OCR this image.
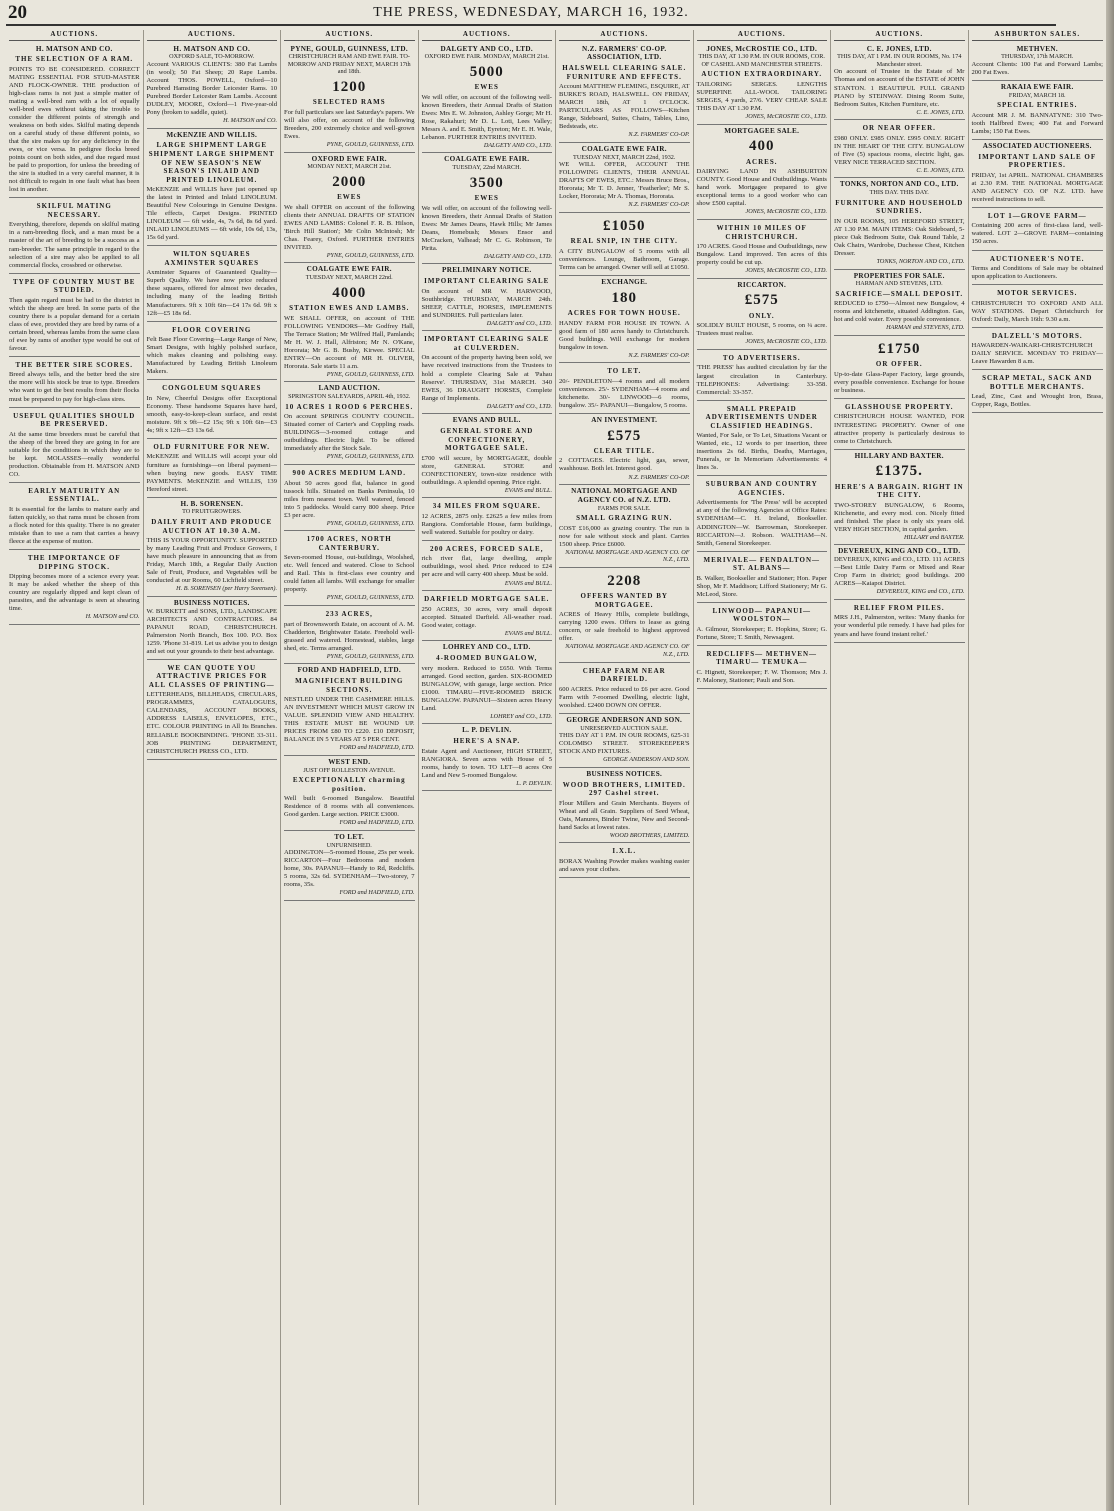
20	THE PRESS, WEDNESDAY, MARCH 16, 1932.
AUCTIONS.
H. MATSON AND CO.
THE SELECTION OF A RAM.
POINTS TO BE CONSIDERED. CORRECT MATING ESSENTIAL FOR STUD-MASTER AND FLOCK-OWNER. THE production of high-class rams is not just a simple matter of mating a well-bred ram with a lot of equally well-bred ewes without taking the trouble to consider the different points of strength and weakness on both sides. Skilful mating depends on a careful study of these different points, so that the sire makes up for any deficiency in the ewes, or vice versa. In pedigree flocks breed points count on both sides, and due regard must be paid to proportion, for unless the breeding of the sire is studied in a very careful manner, it is not difficult to regain in one fault what has been lost in another.
SKILFUL MATING NECESSARY.
Everything, therefore, depends on skilful mating in a ram-breeding flock, and a man must be a master of the art of breeding to be a success as a ram-breeder. The same principle in regard to the selection of a sire may also be applied to all commercial flocks, crossbred or otherwise.
TYPE OF COUNTRY MUST BE STUDIED.
Then again regard must be had to the district in which the sheep are bred. In some parts of the country there is a popular demand for a certain class of ewe, provided they are bred by rams of a certain breed, whereas lambs from the same class of ewe by rams of another type would be out of favour.
THE BETTER SIRE SCORES.
Breed always tells, and the better bred the sire the more will his stock be true to type. Breeders who want to get the best results from their flocks must be prepared to pay for high-class sires.
USEFUL QUALITIES SHOULD BE PRESERVED.
At the same time breeders must be careful that the sheep of the breed they are going in for are suitable for the conditions in which they are to be kept. MOLASSES—really wonderful production. Obtainable from H. MATSON AND CO.
EARLY MATURITY AN ESSENTIAL.
It is essential for the lambs to mature early and fatten quickly, so that rams must be chosen from a flock noted for this quality. There is no greater mistake than to use a ram that carries a heavy fleece at the expense of mutton.
THE IMPORTANCE OF DIPPING STOCK.
Dipping becomes more of a science every year. It may be asked whether the sheep of this country are regularly dipped and kept clean of parasites, and the advantage is seen at shearing time.
H. MATSON and CO.
AUCTIONS.
H. MATSON AND CO.
OXFORD SALE, TO-MORROW.
Account VARIOUS CLIENTS: 380 Fat Lambs (in wool); 50 Fat Sheep; 20 Rape Lambs. Account THOS. POWELL, Oxford—10 Purebred Hamsting Border Leicester Rams. 10 Purebred Border Leicester Ram Lambs. Account DUDLEY, MOORE, Oxford—1 Five-year-old Pony (broken to saddle, quiet).
H. MATSON and CO.
McKENZIE AND WILLIS.
LARGE SHIPMENT LARGE SHIPMENT LARGE SHIPMENT OF NEW SEASON'S NEW SEASON'S INLAID AND PRINTED LINOLEUM.
McKENZIE and WILLIS have just opened up the latest in Printed and Inlaid LINOLEUM. Beautiful New Colourings in Genuine Designs. Tile effects, Carpet Designs. PRINTED LINOLEUM — 6ft wide, 4s, 7s 6d, 8s 6d yard. INLAID LINOLEUMS — 6ft wide, 10s 6d, 13s, 15s 6d yard.
WILTON SQUARES AXMINSTER SQUARES
Axminster Squares of Guaranteed Quality—Superb Quality. We have now price reduced these squares, offered for almost two decades, including many of the leading British Manufacturers. 9ft x 10ft 6in—£4 17s 6d. 9ft x 12ft—£5 18s 6d.
FLOOR COVERING
Felt Base Floor Covering—Large Range of New, Smart Designs, with highly polished surface, which makes cleaning and polishing easy. Manufactured by Leading British Linoleum Makers.
CONGOLEUM SQUARES
In New, Cheerful Designs offer Exceptional Economy. These handsome Squares have hard, smooth, easy-to-keep-clean surface, and resist moisture. 9ft x 9ft—£2 15s; 9ft x 10ft 6in—£3 4s; 9ft x 12ft—£3 13s 6d.
OLD FURNITURE FOR NEW.
McKENZIE and WILLIS will accept your old furniture as furnishings—on liberal payment—when buying new goods. EASY TIME PAYMENTS. McKENZIE and WILLIS, 139 Hereford street.
H. B. SORENSEN.
TO FRUITGROWERS.
DAILY FRUIT AND PRODUCE AUCTION AT 10.30 A.M.
THIS IS YOUR OPPORTUNITY. SUPPORTED by many Leading Fruit and Produce Growers, I have much pleasure in announcing that as from Friday, March 18th, a Regular Daily Auction Sale of Fruit, Produce, and Vegetables will be conducted at our Rooms, 60 Lichfield street.
H. B. SORENSEN (per Harry Sorensen).
BUSINESS NOTICES.
W. BURKETT and SONS, LTD., LANDSCAPE ARCHITECTS AND CONTRACTORS. 84 PAPANUI ROAD, CHRISTCHURCH. Palmerston North Branch, Box 100. P.O. Box 1259. 'Phone 31-819. Let us advise you to design and set out your grounds to their best advantage.
WE CAN QUOTE YOU ATTRACTIVE PRICES FOR ALL CLASSES OF PRINTING—
LETTERHEADS, BILLHEADS, CIRCULARS, PROGRAMMES, CATALOGUES, CALENDARS, ACCOUNT BOOKS, ADDRESS LABELS, ENVELOPES, ETC., ETC. COLOUR PRINTING in All Its Branches. RELIABLE BOOKBINDING. 'PHONE 33-311. JOB PRINTING DEPARTMENT, CHRISTCHURCH PRESS CO., LTD.
AUCTIONS.
PYNE, GOULD, GUINNESS, LTD.
CHRISTCHURCH RAM AND EWE FAIR. TO-MORROW AND FRIDAY NEXT, MARCH 17th and 18th.
1200
SELECTED RAMS
For full particulars see last Saturday's papers. We will also offer, on account of the following Breeders, 200 extremely choice and well-grown Ewes.
PYNE, GOULD, GUINNESS, LTD.
OXFORD EWE FAIR.
MONDAY NEXT, MARCH 21st.
2000
EWES
We shall OFFER on account of the following clients their ANNUAL DRAFTS OF STATION EWES AND LAMBS: Colonel F. R. B. Hilson, 'Birch Hill Station'; Mr Colin McIntosh; Mr Chas. Fearey, Oxford. FURTHER ENTRIES INVITED.
PYNE, GOULD, GUINNESS, LTD.
COALGATE EWE FAIR.
TUESDAY NEXT, MARCH 22nd.
4000
STATION EWES AND LAMBS.
WE SHALL OFFER, on account of THE FOLLOWING VENDORS—Mr Godfrey Hall, The Terrace Station; Mr Wilfred Hall, Pamlands; Mr H. W. J. Hall, Alfriston; Mr N. O'Kane, Hororata; Mr G. B. Bushy, Kirwee. SPECIAL ENTRY—On account of MR H. OLIVER, Hororata. Sale starts 11 a.m.
PYNE, GOULD, GUINNESS, LTD.
LAND AUCTION.
SPRINGSTON SALEYARDS, APRIL 4th, 1932.
10 ACRES 1 ROOD 6 PERCHES.
On account SPRINGS COUNTY COUNCIL. Situated corner of Carter's and Coppling roads. BUILDINGS—3-roomed cottage and outbuildings. Electric light. To be offered immediately after the Stock Sale.
PYNE, GOULD, GUINNESS, LTD.
900 ACRES MEDIUM LAND.
About 50 acres good flat, balance in good tussock hills. Situated on Banks Peninsula, 10 miles from nearest town. Well watered, fenced into 5 paddocks. Would carry 800 sheep. Price £3 per acre.
PYNE, GOULD, GUINNESS, LTD.
1700 ACRES, NORTH CANTERBURY.
Seven-roomed House, out-buildings, Woolshed, etc. Well fenced and watered. Close to School and Rail. This is first-class ewe country and could fatten all lambs. Will exchange for smaller property.
PYNE, GOULD, GUINNESS, LTD.
233 ACRES,
part of Brownsworth Estate, on account of A. M. Chadderton, Brightwater Estate. Freehold well-grassed and watered. Homestead, stables, large shed, etc. Terms arranged.
PYNE, GOULD, GUINNESS, LTD.
FORD AND HADFIELD, LTD.
MAGNIFICENT BUILDING SECTIONS.
NESTLED UNDER THE CASHMERE HILLS. AN INVESTMENT WHICH MUST GROW IN VALUE. SPLENDID VIEW AND HEALTHY. THIS ESTATE MUST BE WOUND UP. PRICES FROM £80 TO £220. £10 DEPOSIT, BALANCE IN 5 YEARS AT 5 PER CENT.
FORD and HADFIELD, LTD.
WEST END.
JUST OFF ROLLESTON AVENUE.
EXCEPTIONALLY charming position.
Well built 6-roomed Bungalow. Beautiful Residence of 8 rooms with all conveniences. Good garden. Large section. PRICE £3000.
FORD and HADFIELD, LTD.
TO LET.
UNFURNISHED.
ADDINGTON—5-roomed House, 25s per week. RICCARTON—Four Bedrooms and modern home, 30s. PAPANUI—Handy to Rd, Redcliffs. 5 rooms, 32s 6d. SYDENHAM—Two-storey, 7 rooms, 35s.
FORD and HADFIELD, LTD.
AUCTIONS.
DALGETY AND CO., LTD.
OXFORD EWE FAIR. MONDAY, MARCH 21st.
5000
EWES
We will offer, on account of the following well-known Breeders, their Annual Drafts of Station Ewes: Mrs E. W. Johnston, Ashley Gorge; Mr H. Rose, Rakahuri; Mr D. L. Loti, Lees Valley; Messrs A. and E. Smith, Eyreton; Mr E. H. Wale, Lebanon. FURTHER ENTRIES INVITED.
DALGETY AND CO., LTD.
COALGATE EWE FAIR.
TUESDAY, 22nd MARCH.
3500
EWES
We will offer, on account of the following well-known Breeders, their Annual Drafts of Station Ewes: Mr James Deans, Hawk Hills; Mr James Deans, Homebush; Messrs Ensor and McCracken, Valhead; Mr C. G. Robinson, Te Pirita.
DALGETY AND CO., LTD.
PRELIMINARY NOTICE.
IMPORTANT CLEARING SALE
On account of MR W. HARWOOD, Southbridge. THURSDAY, MARCH 24th. SHEEP, CATTLE, HORSES, IMPLEMENTS and SUNDRIES. Full particulars later.
DALGETY and CO., LTD.
IMPORTANT CLEARING SALE at CULVERDEN.
On account of the property having been sold, we have received instructions from the Trustees to hold a complete Clearing Sale at 'Pahau Reserve'. THURSDAY, 31st MARCH. 340 EWES, 36 DRAUGHT HORSES, Complete Range of Implements.
DALGETY and CO., LTD.
EVANS AND BULL.
GENERAL STORE AND CONFECTIONERY, MORTGAGEE SALE.
£700 will secure, by MORTGAGEE, double store, GENERAL STORE and CONFECTIONERY, town-size residence with outbuildings. A splendid opening. Price right.
EVANS and BULL.
34 MILES FROM SQUARE.
12 ACRES, 2875 only. £2625 a few miles from Rangiora. Comfortable House, farm buildings, well watered. Suitable for poultry or dairy.
200 ACRES, FORCED SALE,
rich river flat, large dwelling, ample outbuildings, wool shed. Price reduced to £24 per acre and will carry 400 sheep. Must be sold.
EVANS and BULL.
DARFIELD MORTGAGE SALE.
250 ACRES, 30 acres, very small deposit accepted. Situated Darfield. All-weather road. Good water, cottage.
EVANS and BULL.
LOHREY AND CO., LTD.
4-ROOMED BUNGALOW,
very modern. Reduced to £650. With Terms arranged. Good section, garden. SIX-ROOMED BUNGALOW, with garage, large section. Price £1000. TIMARU—FIVE-ROOMED BRICK BUNGALOW. PAPANUI—Sixteen acres Heavy Land.
LOHREY and CO., LTD.
L. P. DEVLIN.
HERE'S A SNAP.
Estate Agent and Auctioneer, HIGH STREET, RANGIORA. Seven acres with House of 5 rooms, handy to town. TO LET—8 acres Ore Land and New 5-roomed Bungalow.
L. P. DEVLIN.
AUCTIONS.
N.Z. FARMERS' CO-OP. ASSOCIATION, LTD.
HALSWELL CLEARING SALE. FURNITURE AND EFFECTS.
Account MATTHEW FLEMING, ESQUIRE, AT BURKE'S ROAD, HALSWELL. ON FRIDAY, MARCH 18th, AT 1 O'CLOCK. PARTICULARS AS FOLLOWS—Kitchen Range, Sideboard, Suites, Chairs, Tables, Lino, Bedsteads, etc.
N.Z. FARMERS' CO-OP.
COALGATE EWE FAIR.
TUESDAY NEXT, MARCH 22nd, 1932.
WE WILL OFFER, ACCOUNT THE FOLLOWING CLIENTS, THEIR ANNUAL DRAFTS OF EWES, ETC.: Messrs Bruce Bros., Hororata; Mr T. D. Jenner, 'Featherlee'; Mr S. Locker, Hororata; Mr A. Thomas, Hororata.
N.Z. FARMERS' CO-OP.
£1050
REAL SNIP, IN THE CITY.
A CITY BUNGALOW of 5 rooms with all conveniences. Lounge, Bathroom, Garage. Terms can be arranged. Owner will sell at £1050.
EXCHANGE.
180
ACRES FOR TOWN HOUSE.
HANDY FARM FOR HOUSE IN TOWN. A good farm of 180 acres handy to Christchurch. Good buildings. Will exchange for modern bungalow in town.
N.Z. FARMERS' CO-OP.
TO LET.
20/- PENDLETON—4 rooms and all modern conveniences. 25/- SYDENHAM—4 rooms and kitchenette. 30/- LINWOOD—6 rooms, bungalow. 35/- PAPANUI—Bungalow, 5 rooms.
AN INVESTMENT.
£575
CLEAR TITLE.
2 COTTAGES. Electric light, gas, sewer, washhouse. Both let. Interest good.
N.Z. FARMERS' CO-OP.
NATIONAL MORTGAGE AND AGENCY CO. of N.Z. LTD.
FARMS FOR SALE.
SMALL GRAZING RUN.
COST £16,000 as grazing country. The run is now for sale without stock and plant. Carries 1500 sheep. Price £6000.
NATIONAL MORTGAGE AND AGENCY CO. OF N.Z., LTD.
2208
OFFERS WANTED BY MORTGAGEE.
ACRES of Heavy Hills, complete buildings, carrying 1200 ewes. Offers to lease as going concern, or sale freehold to highest approved offer.
NATIONAL MORTGAGE AND AGENCY CO. OF N.Z., LTD.
CHEAP FARM NEAR DARFIELD.
600 ACRES. Price reduced to £6 per acre. Good Farm with 7-roomed Dwelling, electric light, woolshed. £2400 DOWN ON OFFER.
GEORGE ANDERSON AND SON.
UNRESERVED AUCTION SALE.
THIS DAY AT 1 P.M. IN OUR ROOMS, 625-31 COLOMBO STREET. STOREKEEPER'S STOCK AND FIXTURES.
GEORGE ANDERSON AND SON.
BUSINESS NOTICES.
WOOD BROTHERS, LIMITED. 297 Cashel street.
Flour Millers and Grain Merchants. Buyers of Wheat and all Grain. Suppliers of Seed Wheat, Oats, Manures, Binder Twine, New and Second-hand Sacks at lowest rates.
WOOD BROTHERS, LIMITED.
I.X.L.
BORAX Washing Powder makes washing easier and saves your clothes.
AUCTIONS.
JONES, McCROSTIE CO., LTD.
THIS DAY, AT 1.30 P.M. IN OUR ROOMS, COR. OF CASHEL AND MANCHESTER STREETS.
AUCTION EXTRAORDINARY.
TAILORING SERGES. LENGTHS SUPERFINE ALL-WOOL TAILORING SERGES, 4 yards, 27/6. VERY CHEAP. SALE THIS DAY AT 1.30 P.M.
JONES, McCROSTIE CO., LTD.
MORTGAGEE SALE.
400
ACRES.
DAIRYING LAND IN ASHBURTON COUNTY. Good House and Outbuildings. Wants hand work. Mortgagee prepared to give exceptional terms to a good worker who can show £500 capital.
JONES, McCROSTIE CO., LTD.
WITHIN 10 MILES OF CHRISTCHURCH.
170 ACRES. Good House and Outbuildings, new Bungalow. Land improved. Ten acres of this property could be cut up.
JONES, McCROSTIE CO., LTD.
RICCARTON.
£575
ONLY.
SOLIDLY BUILT HOUSE, 5 rooms, on ¼ acre. Trustees must realise.
JONES, McCROSTIE CO., LTD.
TO ADVERTISERS.
'THE PRESS' has audited circulation by far the largest circulation in Canterbury. TELEPHONES: Advertising: 33-358. Commercial: 33-357.
SMALL PREPAID ADVERTISEMENTS UNDER CLASSIFIED HEADINGS.
Wanted, For Sale, or To Let, Situations Vacant or Wanted, etc., 12 words to per insertion, three insertions 2s 6d. Births, Deaths, Marriages, Funerals, or In Memoriam Advertisements: 4 lines 3s.
SUBURBAN AND COUNTRY AGENCIES.
Advertisements for 'The Press' will be accepted at any of the following Agencies at Office Rates: SYDENHAM—C. H. Ireland, Bookseller. ADDINGTON—W. Barrowman, Storekeeper. RICCARTON—J. Robson. WALTHAM—N. Smith, General Storekeeper.
MERIVALE— FENDALTON— ST. ALBANS—
B. Walker, Bookseller and Stationer; Hon. Paper Shop, Mr F. Maddison; Lifford Stationery; Mr G. McLeod, Store.
LINWOOD— PAPANUI— WOOLSTON—
A. Gilmour, Storekeeper; E. Hopkins, Store; G. Fortune, Store; T. Smith, Newsagent.
REDCLIFFS— METHVEN— TIMARU— TEMUKA—
C. Hignett, Storekeeper; F. W. Thomson; Mrs J. F. Maloney, Stationer; Pauli and Son.
AUCTIONS.
C. E. JONES, LTD.
THIS DAY, AT 1 P.M. IN OUR ROOMS, No. 174 Manchester street.
On account of Trustee in the Estate of Mr Thomas and on account of the ESTATE of JOHN STANTON. 1 BEAUTIFUL FULL GRAND PIANO by STEINWAY. Dining Room Suite, Bedroom Suites, Kitchen Furniture, etc.
C. E. JONES, LTD.
OR NEAR OFFER.
£980 ONLY. £985 ONLY. £995 ONLY. RIGHT IN THE HEART OF THE CITY. BUNGALOW of Five (5) spacious rooms, electric light, gas. VERY NICE TERRACED SECTION.
C. E. JONES, LTD.
TONKS, NORTON AND CO., LTD.
THIS DAY. THIS DAY.
FURNITURE AND HOUSEHOLD SUNDRIES.
IN OUR ROOMS, 105 HEREFORD STREET, AT 1.30 P.M. MAIN ITEMS: Oak Sideboard, 5-piece Oak Bedroom Suite, Oak Round Table, 2 Oak Chairs, Wardrobe, Duchesse Chest, Kitchen Dresser.
TONKS, NORTON AND CO., LTD.
PROPERTIES FOR SALE.
HARMAN AND STEVENS, LTD.
SACRIFICE—SMALL DEPOSIT.
REDUCED to £750—Almost new Bungalow, 4 rooms and kitchenette, situated Addington. Gas, hot and cold water. Every possible convenience.
HARMAN and STEVENS, LTD.
£1750
OR OFFER.
Up-to-date Glass-Paper Factory, large grounds, every possible convenience. Exchange for house or business.
GLASSHOUSE PROPERTY.
CHRISTCHURCH HOUSE WANTED, FOR INTERESTING PROPERTY. Owner of one attractive property is particularly desirous to come to Christchurch.
HILLARY AND BAXTER.
£1375.
HERE'S A BARGAIN. RIGHT IN THE CITY.
TWO-STOREY BUNGALOW, 6 Rooms, Kitchenette, and every mod. con. Nicely fitted and finished. The place is only six years old. VERY HIGH SECTION, in capital garden.
HILLARY and BAXTER.
DEVEREUX, KING AND CO., LTD.
DEVEREUX, KING and CO., LTD. 111 ACRES—Best Little Dairy Farm or Mixed and Rear Crop Farm in district; good buildings. 200 ACRES—Kaiapoi District.
DEVEREUX, KING and CO., LTD.
RELIEF FROM PILES.
MRS J.H., Palmerston, writes: 'Many thanks for your wonderful pile remedy. I have had piles for years and have found instant relief.'
ASHBURTON SALES.
METHVEN.
THURSDAY, 17th MARCH.
Account Clients: 100 Fat and Forward Lambs; 200 Fat Ewes.
RAKAIA EWE FAIR.
FRIDAY, MARCH 18.
SPECIAL ENTRIES.
Account MR J. M. BANNATYNE: 310 Two-tooth Halfbred Ewes; 400 Fat and Forward Lambs; 150 Fat Ewes.
ASSOCIATED AUCTIONEERS.
IMPORTANT LAND SALE OF PROPERTIES.
FRIDAY, 1st APRIL. NATIONAL CHAMBERS at 2.30 P.M. THE NATIONAL MORTGAGE AND AGENCY CO. OF N.Z. LTD. have received instructions to sell.
LOT 1—GROVE FARM—
Containing 200 acres of first-class land, well-watered. LOT 2—GROVE FARM—containing 150 acres.
AUCTIONEER'S NOTE.
Terms and Conditions of Sale may be obtained upon application to Auctioneers.
MOTOR SERVICES.
CHRISTCHURCH TO OXFORD AND ALL WAY STATIONS. Depart Christchurch for Oxford: Daily, March 16th: 9.30 a.m.
DALZELL'S MOTORS.
HAWARDEN-WAIKARI-CHRISTCHURCH DAILY SERVICE. MONDAY TO FRIDAY—Leave Hawarden 8 a.m.
SCRAP METAL, SACK AND BOTTLE MERCHANTS.
Lead, Zinc, Cast and Wrought Iron, Brass, Copper, Rags, Bottles.
